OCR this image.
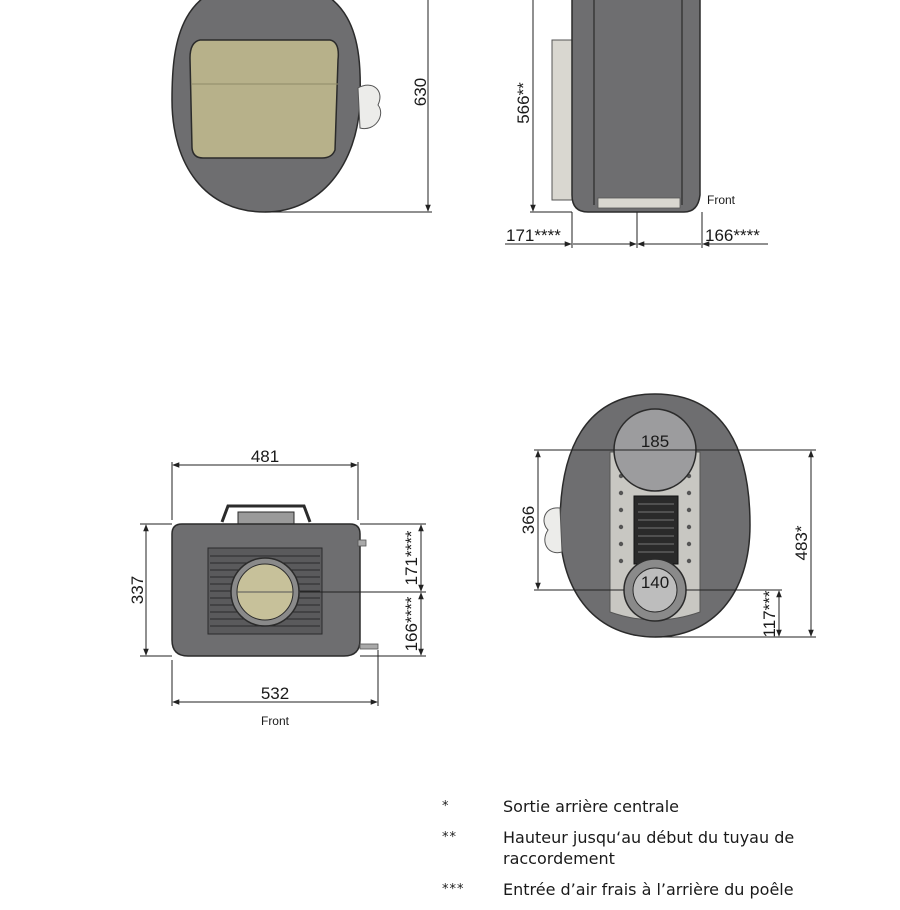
630	566**
Front
171****	166****
481
337
532
Front
171****
166****
185
140
366
483*
117***
*	Sortie arrière centrale
**	Hauteur jusqu‘au début du tuyau de raccordement
***	Entrée d’air frais à l’arrière du poêle
